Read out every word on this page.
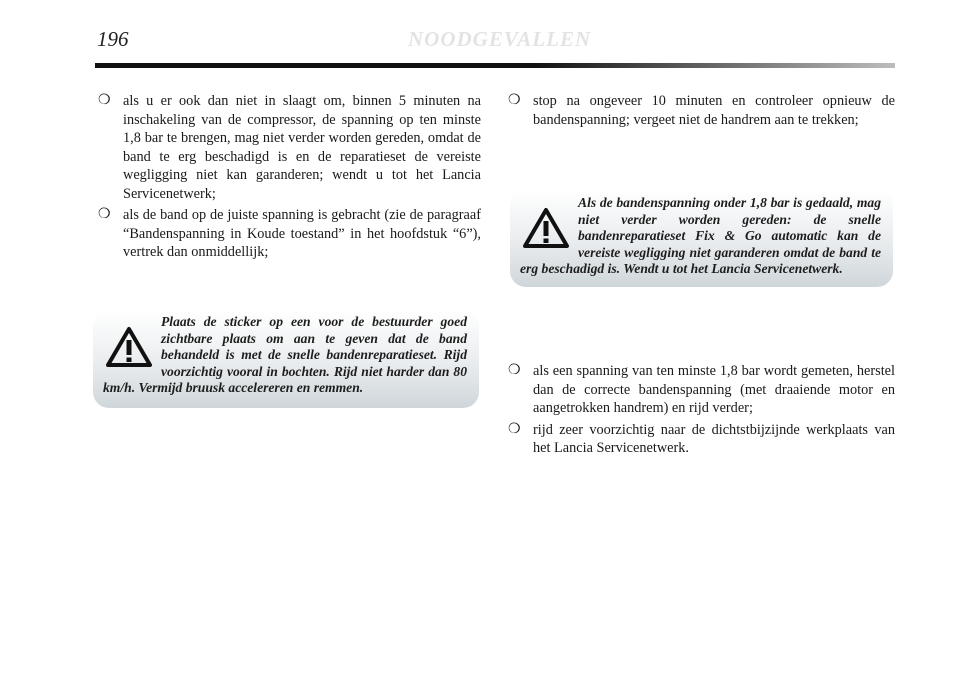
196	NOODGEVALLEN
❍ als u er ook dan niet in slaagt om, binnen 5 minuten na inschakeling van de compressor, de spanning op ten minste 1,8 bar te brengen, mag niet verder worden gereden, omdat de band te erg beschadigd is en de reparatieset de vereiste wegligging niet kan garanderen; wendt u tot het Lancia Servicenetwerk;
❍ als de band op de juiste spanning is gebracht (zie de paragraaf “Bandenspanning in Koude toestand” in het hoofdstuk “6”), vertrek dan onmiddellijk;

Plaats de sticker op een voor de bestuurder goed zichtbare plaats om aan te geven dat de band behandeld is met de snelle bandenreparatieset. Rijd voorzichtig vooral in bochten. Rijd niet harder dan 80 km/h. Vermijd bruusk accelereren en remmen.

❍ stop na ongeveer 10 minuten en controleer opnieuw de bandenspanning; vergeet niet de handrem aan te trekken;

Als de bandenspanning onder 1,8 bar is gedaald, mag niet verder worden gereden: de snelle bandenreparatieset Fix & Go automatic kan de vereiste wegligging niet garanderen omdat de band te erg beschadigd is. Wendt u tot het Lancia Servicenetwerk.

❍ als een spanning van ten minste 1,8 bar wordt gemeten, herstel dan de correcte bandenspanning (met draaiende motor en aangetrokken handrem) en rijd verder;
❍ rijd zeer voorzichtig naar de dichtstbijzijnde werkplaats van het Lancia Servicenetwerk.
